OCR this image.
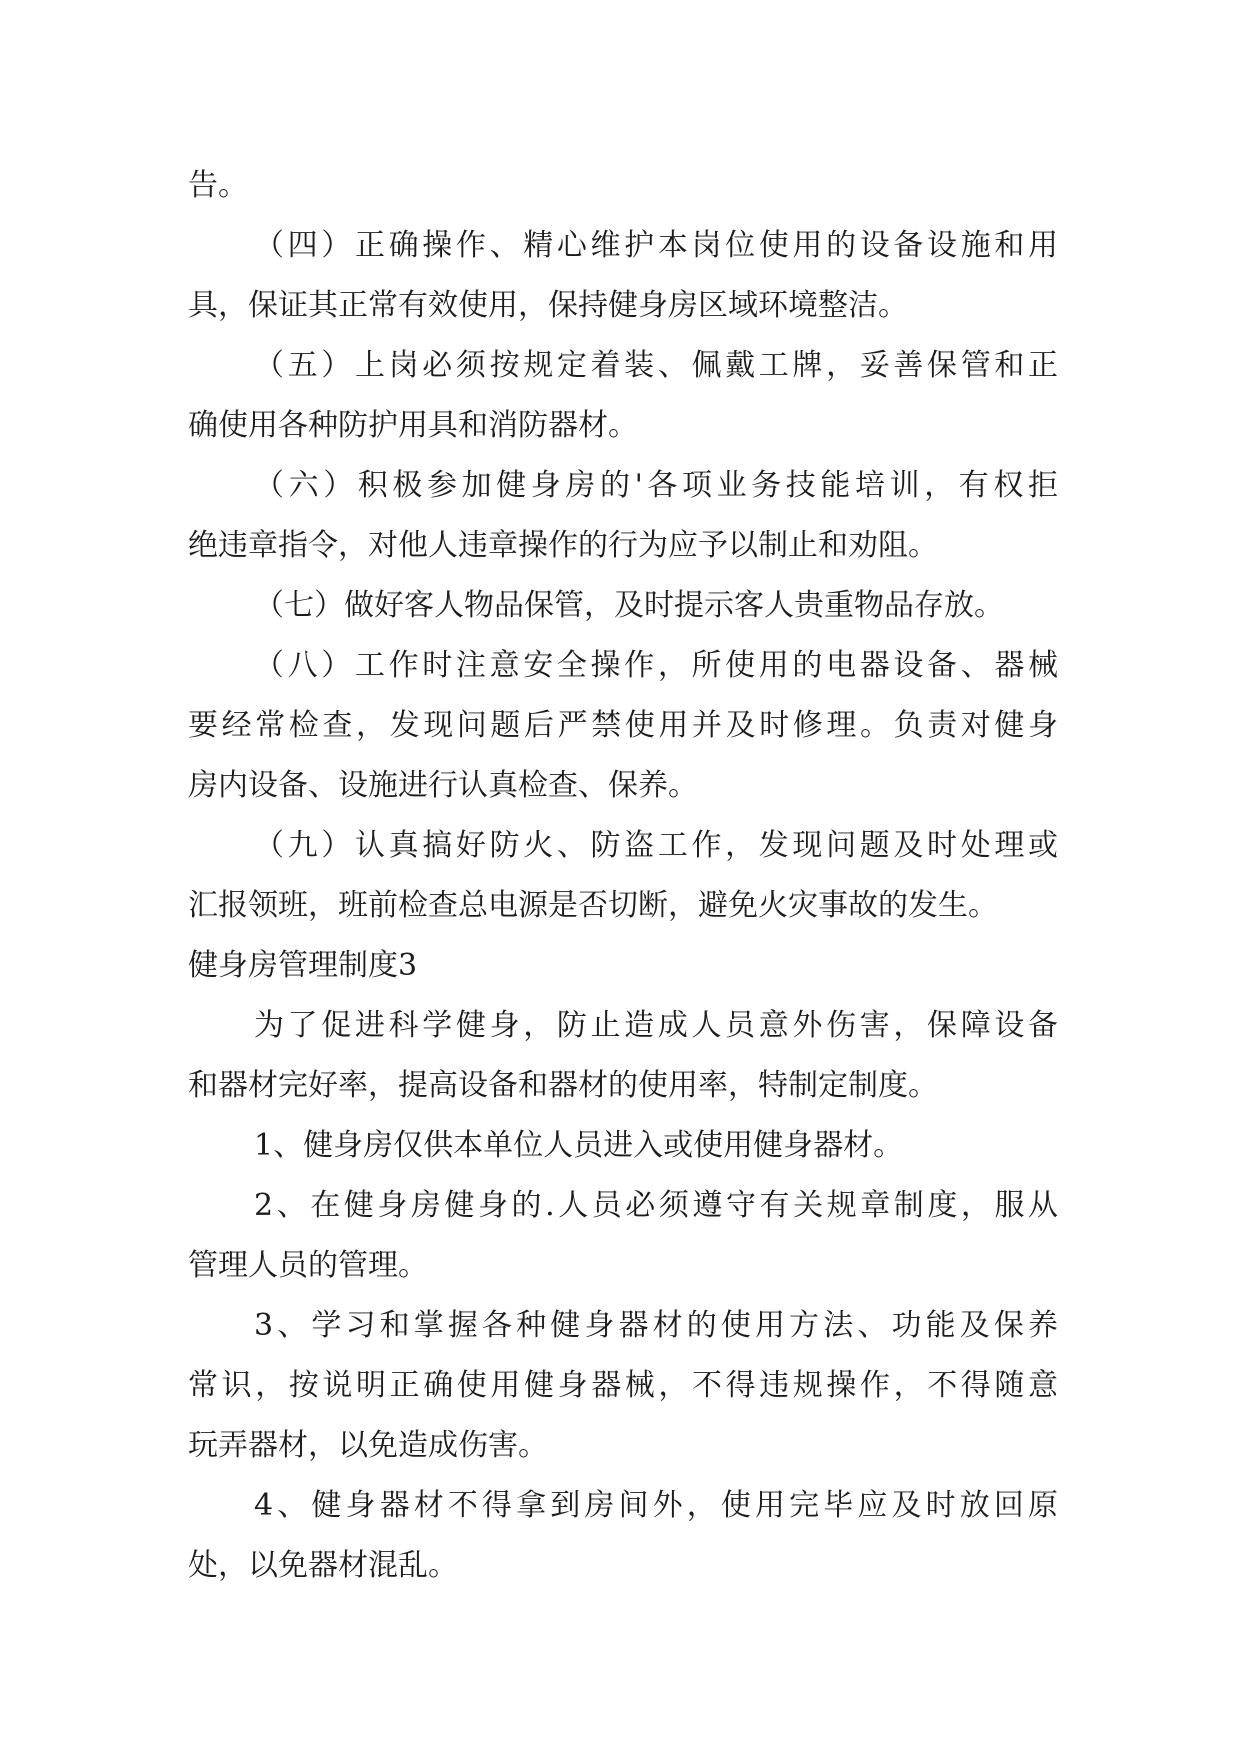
告。
（四）正确操作、精心维护本岗位使用的设备设施和用
具，保证其正常有效使用，保持健身房区域环境整洁。
（五）上岗必须按规定着装、佩戴工牌，妥善保管和正
确使用各种防护用具和消防器材。
（六）积极参加健身房的'各项业务技能培训，有权拒
绝违章指令，对他人违章操作的行为应予以制止和劝阻。
（七）做好客人物品保管，及时提示客人贵重物品存放。
（八）工作时注意安全操作，所使用的电器设备、器械
要经常检查，发现问题后严禁使用并及时修理。负责对健身
房内设备、设施进行认真检查、保养。
（九）认真搞好防火、防盗工作，发现问题及时处理或
汇报领班，班前检查总电源是否切断，避免火灾事故的发生。
健身房管理制度3
为了促进科学健身，防止造成人员意外伤害，保障设备
和器材完好率，提高设备和器材的使用率，特制定制度。
1、健身房仅供本单位人员进入或使用健身器材。
2、在健身房健身的.人员必须遵守有关规章制度，服从
管理人员的管理。
3、学习和掌握各种健身器材的使用方法、功能及保养
常识，按说明正确使用健身器械，不得违规操作，不得随意
玩弄器材，以免造成伤害。
4、健身器材不得拿到房间外，使用完毕应及时放回原
处，以免器材混乱。
